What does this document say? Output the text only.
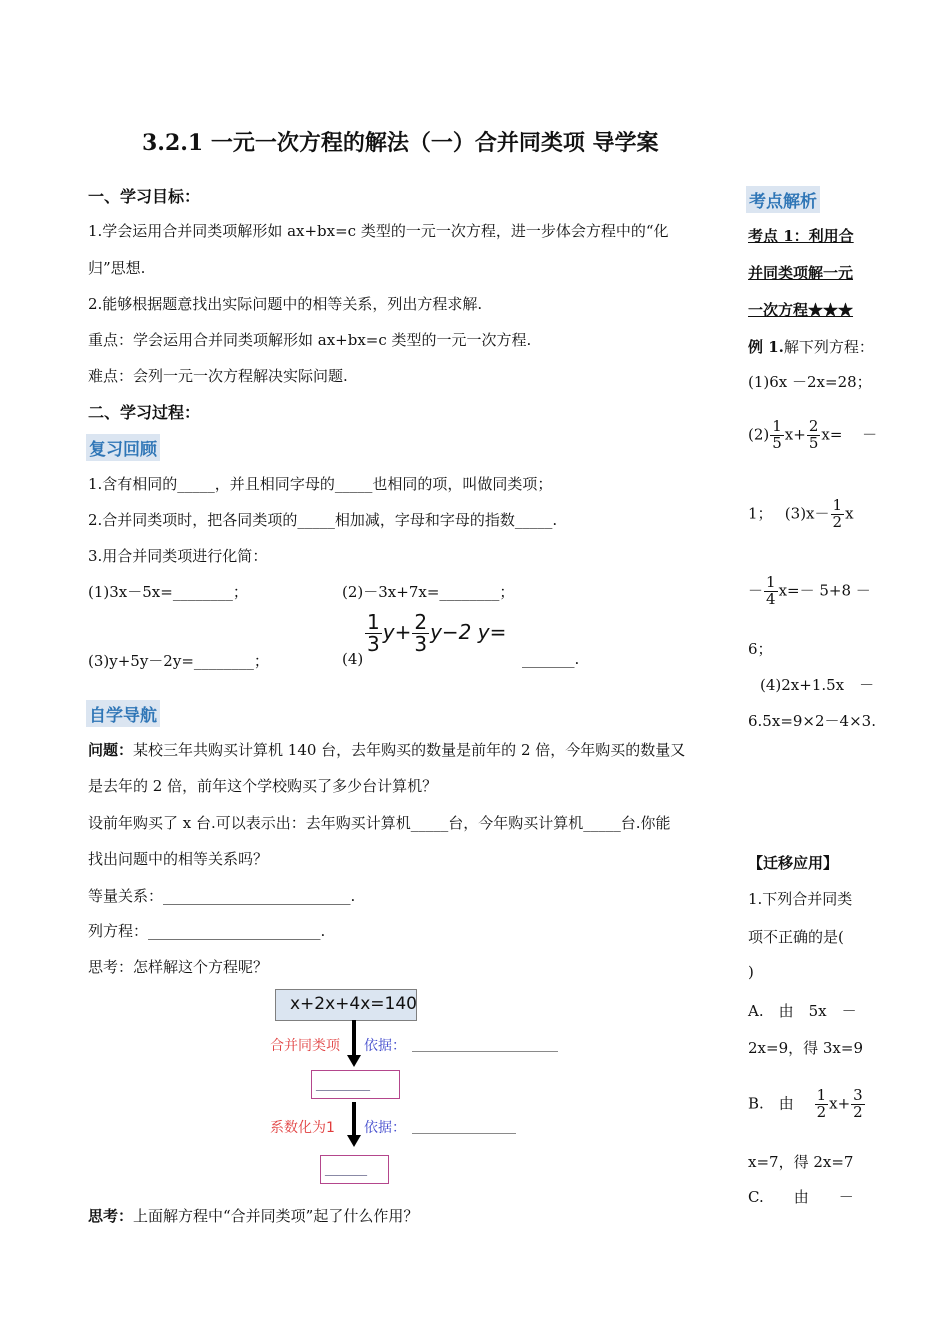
3.2.1 一元一次方程的解法（一）合并同类项 导学案
一、学习目标：
1.学会运用合并同类项解形如 ax+bx=c 类型的一元一次方程，进一步体会方程中的“化
归”思想.
2.能够根据题意找出实际问题中的相等关系，列出方程求解.
重点：学会运用合并同类项解形如 ax+bx=c 类型的一元一次方程.
难点：会列一元一次方程解决实际问题.
二、学习过程：
复习回顾
1.含有相同的_____，并且相同字母的_____也相同的项，叫做同类项；
2.合并同类项时，把各同类项的_____相加减，字母和字母的指数_____.
3.用合并同类项进行化简：
(1)3x－5x=________；	(2)－3x+7x=________；
(3)y+5y－2y=________；	(4)
$\frac{1}{3} y+ \frac{2}{3} y-2$ y=
_______.
自学导航
问题：某校三年共购买计算机 140 台，去年购买的数量是前年的 2 倍，今年购买的数量又
是去年的 2 倍，前年这个学校购买了多少台计算机？
设前年购买了 x 台.可以表示出：去年购买计算机_____台，今年购买计算机_____台.你能
找出问题中的相等关系吗？
等量关系：_________________________.
列方程：_______________________.
思考：怎样解这个方程呢？
x+2x+4x=140
合并同类项 依据：
_________
系数化为1 依据：
_______
思考：上面解方程中“合并同类项”起了什么作用？
考点解析
考点 1：利用合
并同类项解一元
一次方程★★★
例 1.解下列方程：
(1)6x －2x=28；
$(2) \frac{1}{5} x+ \frac{2}{5} x=$　 －
1；　 $(3)x- \frac{1}{2}$ x
－ $\frac{1}{4} x=- 5+8$ －
6；
(4)2x+1.5x　－
6.5x=9×2－4×3.
【迁移应用】
1.下列合并同类
项不正确的是(
)
A.　由　5x　－
2x=9，得 3x=9
B.　由　 $\frac{1}{2} x+ \frac{3}{2}$
x=7，得 2x=7
C.　　由　　－
